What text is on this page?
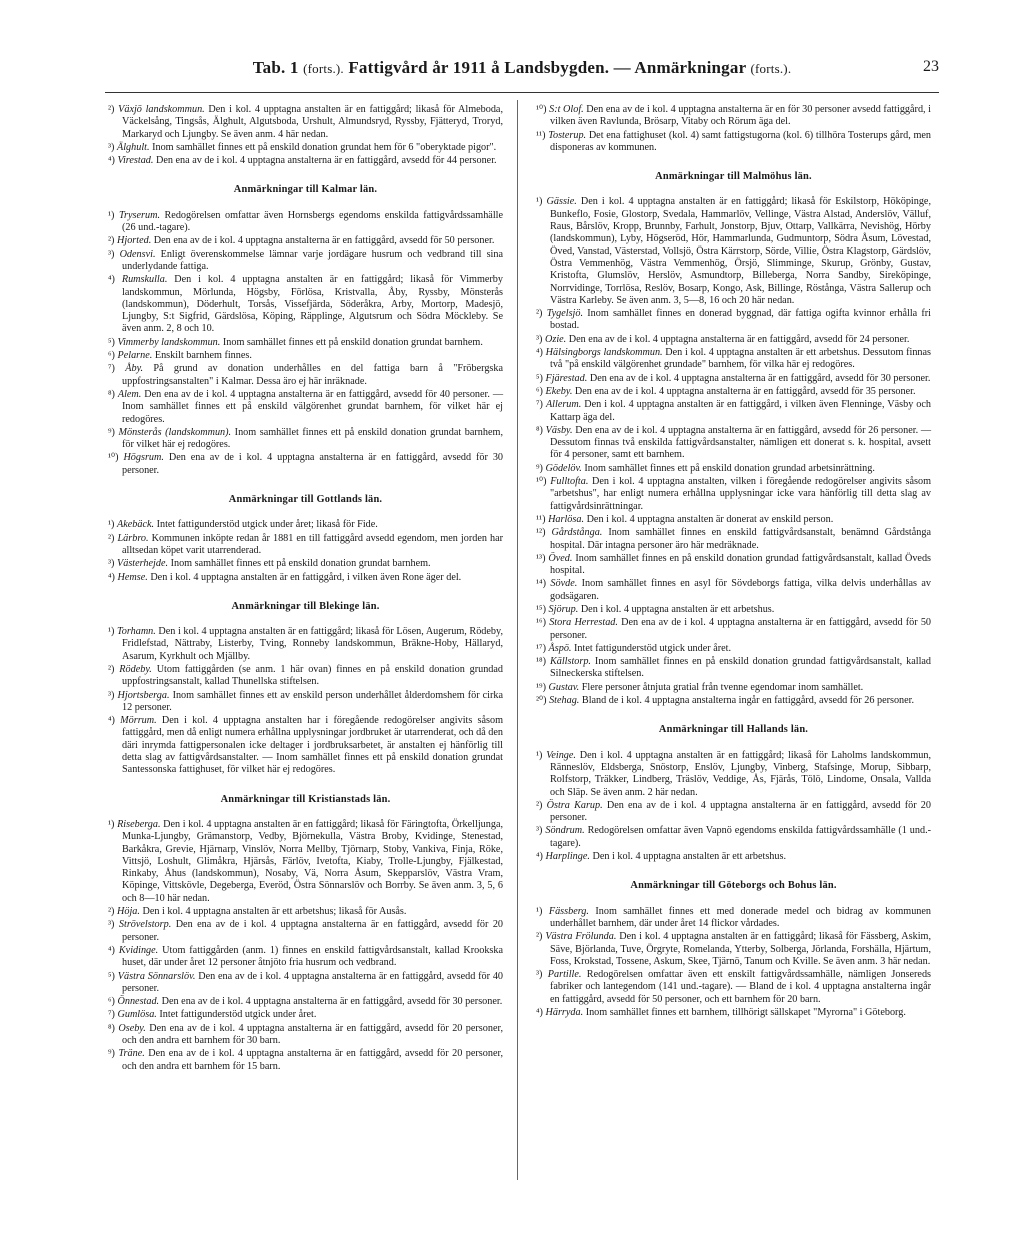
Tab. 1 (forts.). Fattigvård år 1911 å Landsbygden. — Anmärkningar (forts.).	23

²) Växjö landskommun. Den i kol. 4 upptagna anstalten är en fattiggård; likaså för Almeboda, Väckelsång, Tingsås, Älghult, Algutsboda, Urshult, Almundsryd, Ryssby, Fjätteryd, Troryd, Markaryd och Ljungby. Se även anm. 4 här nedan.

³) Älghult. Inom samhället finnes ett på enskild donation grundat hem för 6 "oberyktade pigor".

⁴) Virestad. Den ena av de i kol. 4 upptagna anstalterna är en fattiggård, avsedd för 44 personer.

Anmärkningar till Kalmar län.

¹) Tryserum. Redogörelsen omfattar även Hornsbergs egendoms enskilda fattigvårdssamhälle (26 und.-tagare).

²) Hjorted. Den ena av de i kol. 4 upptagna anstalterna är en fattiggård, avsedd för 50 personer.

³) Odensvi. Enligt överenskommelse lämnar varje jordägare husrum och vedbrand till sina underlydande fattiga.

⁴) Rumskulla. Den i kol. 4 upptagna anstalten är en fattiggård; likaså för Vimmerby landskommun, Mörlunda, Högsby, Förlösa, Kristvalla, Åby, Ryssby, Mönsterås (landskommun), Döderhult, Torsås, Vissefjärda, Söderåkra, Arby, Mortorp, Madesjö, Ljungby, S:t Sigfrid, Gärdslösa, Köping, Räpplinge, Algutsrum och Södra Möckleby. Se även anm. 2, 8 och 10.

⁵) Vimmerby landskommun. Inom samhället finnes ett på enskild donation grundat barnhem.

⁶) Pelarne. Enskilt barnhem finnes.

⁷) Åby. På grund av donation underhålles en del fattiga barn å "Fröbergska uppfostringsanstalten" i Kalmar. Dessa äro ej här inräknade.

⁸) Alem. Den ena av de i kol. 4 upptagna anstalterna är en fattiggård, avsedd för 40 personer. — Inom samhället finnes ett på enskild välgörenhet grundat barnhem, för vilket här ej redogöres.

⁹) Mönsterås (landskommun). Inom samhället finnes ett på enskild donation grundat barnhem, för vilket här ej redogöres.

¹⁰) Högsrum. Den ena av de i kol. 4 upptagna anstalterna är en fattiggård, avsedd för 30 personer.

Anmärkningar till Gottlands län.

¹) Akebäck. Intet fattigunderstöd utgick under året; likaså för Fide.

²) Lärbro. Kommunen inköpte redan år 1881 en till fattiggård avsedd egendom, men jorden har alltsedan köpet varit utarrenderad.

³) Västerhejde. Inom samhället finnes ett på enskild donation grundat barnhem.

⁴) Hemse. Den i kol. 4 upptagna anstalten är en fattiggård, i vilken även Rone äger del.

Anmärkningar till Blekinge län.

¹) Torhamn. Den i kol. 4 upptagna anstalten är en fattiggård; likaså för Lösen, Augerum, Rödeby, Fridlefstad, Nättraby, Listerby, Tving, Ronneby landskommun, Bräkne-Hoby, Hällaryd, Asarum, Kyrkhult och Mjällby.

²) Rödeby. Utom fattiggården (se anm. 1 här ovan) finnes en på enskild donation grundad uppfostringsanstalt, kallad Thunellska stiftelsen.

³) Hjortsberga. Inom samhället finnes ett av enskild person underhållet ålderdomshem för cirka 12 personer.

⁴) Mörrum. Den i kol. 4 upptagna anstalten har i föregående redogörelser angivits såsom fattiggård, men då enligt numera erhållna upplysningar jordbruket är utarrenderat, och då den däri inrymda fattigpersonalen icke deltager i jordbruksarbetet, är anstalten ej hänförlig till detta slag av fattigvårdsanstalter. — Inom samhället finnes ett på enskild donation grundat Santessonska fattighuset, för vilket här ej redogöres.

Anmärkningar till Kristianstads län.

¹) Riseberga. Den i kol. 4 upptagna anstalten är en fattiggård; likaså för Färingtofta, Örkelljunga, Munka-Ljungby, Grämanstorp, Vedby, Björnekulla, Västra Broby, Kvidinge, Stenestad, Barkåkra, Grevie, Hjärnarp, Vinslöv, Norra Mellby, Tjörnarp, Stoby, Vankiva, Finja, Röke, Vittsjö, Loshult, Glimåkra, Hjärsås, Färlöv, Ivetofta, Kiaby, Trolle-Ljungby, Fjälkestad, Rinkaby, Åhus (landskommun), Nosaby, Vä, Norra Åsum, Skepparslöv, Västra Vram, Köpinge, Vittskövle, Degeberga, Everöd, Östra Sönnarslöv och Borrby. Se även anm. 3, 5, 6 och 8—10 här nedan.

²) Höja. Den i kol. 4 upptagna anstalten är ett arbetshus; likaså för Ausås.

³) Strövelstorp. Den ena av de i kol. 4 upptagna anstalterna är en fattiggård, avsedd för 20 personer.

⁴) Kvidinge. Utom fattiggården (anm. 1) finnes en enskild fattigvårdsanstalt, kallad Krookska huset, där under året 12 personer åtnjöto fria husrum och vedbrand.

⁵) Västra Sönnarslöv. Den ena av de i kol. 4 upptagna anstalterna är en fattiggård, avsedd för 40 personer.

⁶) Önnestad. Den ena av de i kol. 4 upptagna anstalterna är en fattiggård, avsedd för 30 personer.

⁷) Gumlösa. Intet fattigunderstöd utgick under året.

⁸) Oseby. Den ena av de i kol. 4 upptagna anstalterna är en fattiggård, avsedd för 20 personer, och den andra ett barnhem för 30 barn.

⁹) Träne. Den ena av de i kol. 4 upptagna anstalterna är en fattiggård, avsedd för 20 personer, och den andra ett barnhem för 15 barn.

¹⁰) S:t Olof. Den ena av de i kol. 4 upptagna anstalterna är en för 30 personer avsedd fattiggård, i vilken även Ravlunda, Brösarp, Vitaby och Rörum äga del.

¹¹) Tosterup. Det ena fattighuset (kol. 4) samt fattigstugorna (kol. 6) tillhöra Tosterups gård, men disponeras av kommunen.

Anmärkningar till Malmöhus län.

¹) Gässie. Den i kol. 4 upptagna anstalten är en fattiggård; likaså för Eskilstorp, Hököpinge, Bunkeflo, Fosie, Glostorp, Svedala, Hammarlöv, Vellinge, Västra Alstad, Anderslöv, Välluf, Raus, Bårslöv, Kropp, Brunnby, Farhult, Jonstorp, Bjuv, Ottarp, Vallkärra, Nevishög, Hörby (landskommun), Lyby, Högseröd, Hör, Hammarlunda, Gudmuntorp, Södra Åsum, Lövestad, Öved, Vanstad, Västerstad, Vollsjö, Östra Kärrstorp, Sörde, Villie, Östra Klagstorp, Gärdslöv, Östra Vemmenhög, Västra Vemmenhög, Örsjö, Slimminge, Skurup, Grönby, Gustav, Kristofta, Glumslöv, Herslöv, Asmundtorp, Billeberga, Norra Sandby, Sireköpinge, Norrvidinge, Torrlösa, Reslöv, Bosarp, Kongo, Ask, Billinge, Röstånga, Västra Sallerup och Västra Karleby. Se även anm. 3, 5—8, 16 och 20 här nedan.

²) Tygelsjö. Inom samhället finnes en donerad byggnad, där fattiga ogifta kvinnor erhålla fri bostad.

³) Ozie. Den ena av de i kol. 4 upptagna anstalterna är en fattiggård, avsedd för 24 personer.

⁴) Hälsingborgs landskommun. Den i kol. 4 upptagna anstalten är ett arbetshus. Dessutom finnas två "på enskild välgörenhet grundade" barnhem, för vilka här ej redogöres.

⁵) Fjärestad. Den ena av de i kol. 4 upptagna anstalterna är en fattiggård, avsedd för 30 personer.

⁶) Ekeby. Den ena av de i kol. 4 upptagna anstalterna är en fattiggård, avsedd för 35 personer.

⁷) Allerum. Den i kol. 4 upptagna anstalten är en fattiggård, i vilken även Flenninge, Väsby och Kattarp äga del.

⁸) Väsby. Den ena av de i kol. 4 upptagna anstalterna är en fattiggård, avsedd för 26 personer. — Dessutom finnas två enskilda fattigvårdsanstalter, nämligen ett donerat s. k. hospital, avsett för 4 personer, samt ett barnhem.

⁹) Gödelöv. Inom samhället finnes ett på enskild donation grundad arbetsinrättning.

¹⁰) Fulltofta. Den i kol. 4 upptagna anstalten, vilken i föregående redogörelser angivits såsom "arbetshus", har enligt numera erhållna upplysningar icke vara hänförlig till detta slag av fattigvårdsinrättningar.

¹¹) Harlösa. Den i kol. 4 upptagna anstalten är donerat av enskild person.

¹²) Gårdstånga. Inom samhället finnes en enskild fattigvårdsanstalt, benämnd Gårdstånga hospital. Där intagna personer äro här medräknade.

¹³) Öved. Inom samhället finnes en på enskild donation grundad fattigvårdsanstalt, kallad Öveds hospital.

¹⁴) Sövde. Inom samhället finnes en asyl för Sövdeborgs fattiga, vilka delvis underhållas av godsägaren.

¹⁵) Sjörup. Den i kol. 4 upptagna anstalten är ett arbetshus.

¹⁶) Stora Herrestad. Den ena av de i kol. 4 upptagna anstalterna är en fattiggård, avsedd för 50 personer.

¹⁷) Åspö. Intet fattigunderstöd utgick under året.

¹⁸) Källstorp. Inom samhället finnes en på enskild donation grundad fattigvårdsanstalt, kallad Silneckerska stiftelsen.

¹⁹) Gustav. Flere personer åtnjuta gratial från tvenne egendomar inom samhället.

²⁰) Stehag. Bland de i kol. 4 upptagna anstalterna ingår en fattiggård, avsedd för 26 personer.

Anmärkningar till Hallands län.

¹) Veinge. Den i kol. 4 upptagna anstalten är en fattiggård; likaså för Laholms landskommun, Ränneslöv, Eldsberga, Snöstorp, Enslöv, Ljungby, Vinberg, Stafsinge, Morup, Sibbarp, Rolfstorp, Träkker, Lindberg, Träslöv, Veddige, Ås, Fjärås, Tölö, Lindome, Onsala, Vallda och Släp. Se även anm. 2 här nedan.

²) Östra Karup. Den ena av de i kol. 4 upptagna anstalterna är en fattiggård, avsedd för 20 personer.

³) Söndrum. Redogörelsen omfattar även Vapnö egendoms enskilda fattigvårdssamhälle (1 und.-tagare).

⁴) Harplinge. Den i kol. 4 upptagna anstalten är ett arbetshus.

Anmärkningar till Göteborgs och Bohus län.

¹) Fässberg. Inom samhället finnes ett med donerade medel och bidrag av kommunen underhållet barnhem, där under året 14 flickor vårdades.

²) Västra Frölunda. Den i kol. 4 upptagna anstalten är en fattiggård; likaså för Fässberg, Askim, Säve, Björlanda, Tuve, Örgryte, Romelanda, Ytterby, Solberga, Jörlanda, Forshälla, Hjärtum, Foss, Krokstad, Tossene, Askum, Skee, Tjärnö, Tanum och Kville. Se även anm. 3 här nedan.

³) Partille. Redogörelsen omfattar även ett enskilt fattigvårdssamhälle, nämligen Jonsereds fabriker och lantegendom (141 und.-tagare). — Bland de i kol. 4 upptagna anstalterna ingår en fattiggård, avsedd för 50 personer, och ett barnhem för 20 barn.

⁴) Härryda. Inom samhället finnes ett barnhem, tillhörigt sällskapet "Myrorna" i Göteborg.
